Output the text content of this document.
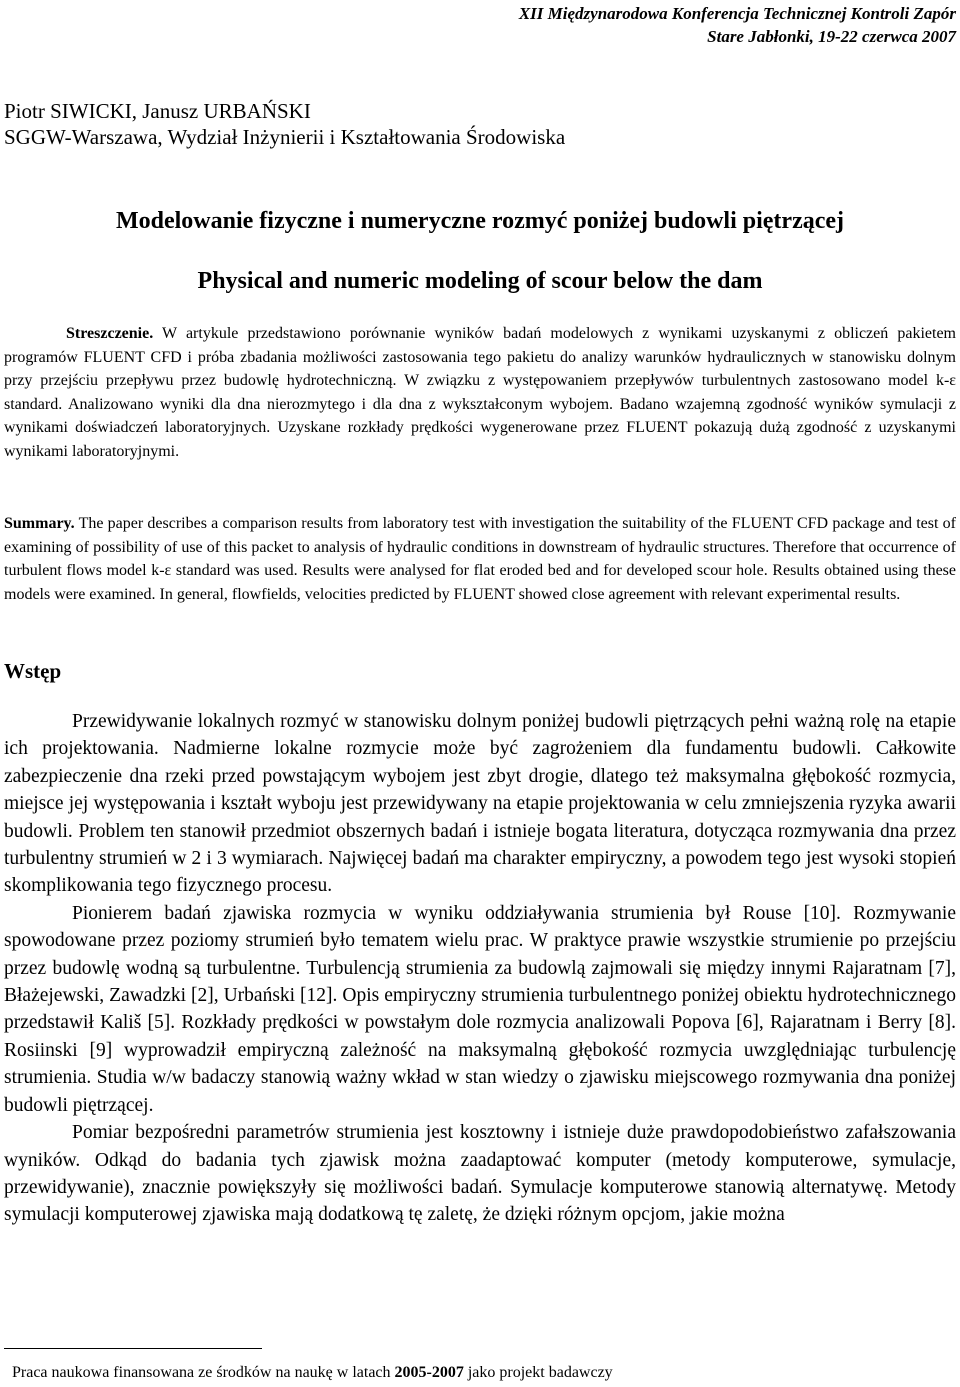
XII Międzynarodowa Konferencja Technicznej Kontroli Zapór
Stare Jabłonki, 19-22 czerwca 2007
Piotr SIWICKI, Janusz URBAŃSKI
SGGW-Warszawa, Wydział Inżynierii i Kształtowania Środowiska
Modelowanie fizyczne i numeryczne rozmyć poniżej budowli piętrzącej
Physical and numeric modeling of scour below the dam

Streszczenie. W artykule przedstawiono porównanie wyników badań modelowych z wynikami uzyskanymi z obliczeń pakietem programów FLUENT CFD i próba zbadania możliwości zastosowania tego pakietu do analizy warunków hydraulicznych w stanowisku dolnym przy przejściu przepływu przez budowlę hydrotechniczną. W związku z występowaniem przepływów turbulentnych zastosowano model k-ε standard. Analizowano wyniki dla dna nierozmytego i dla dna z wykształconym wybojem. Badano wzajemną zgodność wyników symulacji z wynikami doświadczeń laboratoryjnych. Uzyskane rozkłady prędkości wygenerowane przez FLUENT pokazują dużą zgodność z uzyskanymi wynikami laboratoryjnymi.

Summary. The paper describes a comparison results from laboratory test with investigation the suitability of the FLUENT CFD package and test of examining of possibility of use of this packet to analysis of hydraulic conditions in downstream of hydraulic structures. Therefore that occurrence of turbulent flows model k-ε standard was used. Results were analysed for flat eroded bed and for developed scour hole. Results obtained using these models were examined. In general, flowfields, velocities predicted by FLUENT showed close agreement with relevant experimental results.

Wstęp

Przewidywanie lokalnych rozmyć w stanowisku dolnym poniżej budowli piętrzących pełni ważną rolę na etapie ich projektowania. Nadmierne lokalne rozmycie może być zagrożeniem dla fundamentu budowli. Całkowite zabezpieczenie dna rzeki przed powstającym wybojem jest zbyt drogie, dlatego też maksymalna głębokość rozmycia, miejsce jej występowania i kształt wyboju jest przewidywany na etapie projektowania w celu zmniejszenia ryzyka awarii budowli. Problem ten stanowił przedmiot obszernych badań i istnieje bogata literatura, dotycząca rozmywania dna przez turbulentny strumień w 2 i 3 wymiarach. Najwięcej badań ma charakter empiryczny, a powodem tego jest wysoki stopień skomplikowania tego fizycznego procesu.

Pionierem badań zjawiska rozmycia w wyniku oddziaływania strumienia był Rouse [10]. Rozmywanie spowodowane przez poziomy strumień było tematem wielu prac. W praktyce prawie wszystkie strumienie po przejściu przez budowlę wodną są turbulentne. Turbulencją strumienia za budowlą zajmowali się między innymi Rajaratnam [7], Błażejewski, Zawadzki [2], Urbański [12]. Opis empiryczny strumienia turbulentnego poniżej obiektu hydrotechnicznego przedstawił Kališ [5]. Rozkłady prędkości w powstałym dole rozmycia analizowali Popova [6], Rajaratnam i Berry [8]. Rosiinski [9] wyprowadził empiryczną zależność na maksymalną głębokość rozmycia uwzględniając turbulencję strumienia. Studia w/w badaczy stanowią ważny wkład w stan wiedzy o zjawisku miejscowego rozmywania dna poniżej budowli piętrzącej.

Pomiar bezpośredni parametrów strumienia jest kosztowny i istnieje duże prawdopodobieństwo zafałszowania wyników. Odkąd do badania tych zjawisk można zaadaptować komputer (metody komputerowe, symulacje, przewidywanie), znacznie powiększyły się możliwości badań. Symulacje komputerowe stanowią alternatywę. Metody symulacji komputerowej zjawiska mają dodatkową tę zaletę, że dzięki różnym opcjom, jakie można

Praca naukowa finansowana ze środków na naukę w latach 2005-2007 jako projekt badawczy
